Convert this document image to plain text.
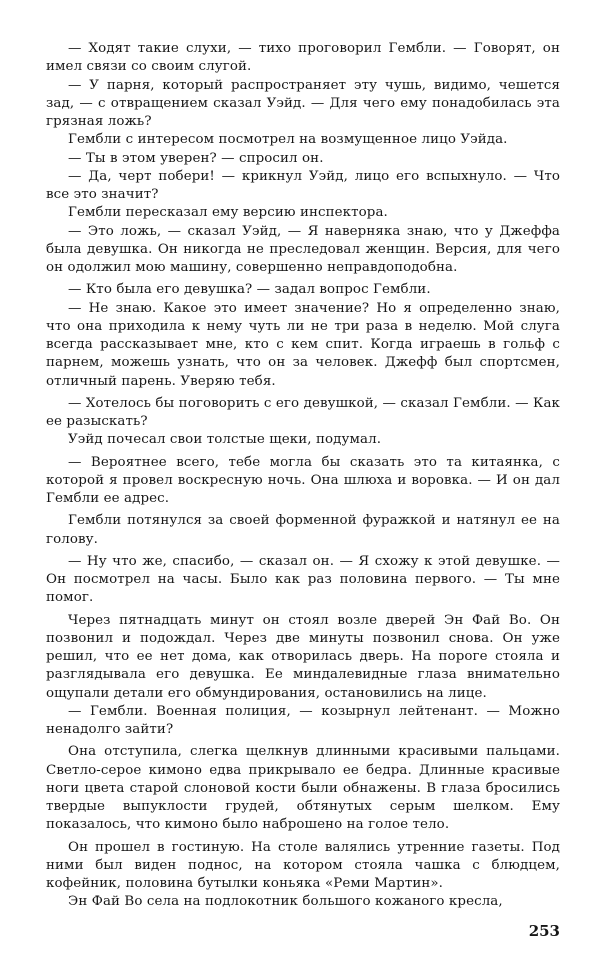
— Ходят такие слухи, — тихо проговорил Гембли. — Говорят, он имел связи со своим слугой.

— У парня, который распространяет эту чушь, видимо, чешется зад, — с отвращением сказал Уэйд. — Для чего ему понадобилась эта грязная ложь?

Гембли с интересом посмотрел на возмущенное лицо Уэйда.

— Ты в этом уверен? — спросил он.

— Да, черт побери! — крикнул Уэйд, лицо его вспыхнуло. — Что все это значит?

Гембли пересказал ему версию инспектора.

— Это ложь, — сказал Уэйд, — Я наверняка знаю, что у Джеффа была девушка. Он никогда не преследовал женщин. Версия, для чего он одолжил мою машину, совершенно неправдоподобна.

— Кто была его девушка? — задал вопрос Гембли.

— Не знаю. Какое это имеет значение? Но я определенно знаю, что она приходила к нему чуть ли не три раза в неделю. Мой слуга всегда рассказывает мне, кто с кем спит. Когда играешь в гольф с парнем, можешь узнать, что он за человек. Джефф был спортсмен, отличный парень. Уверяю тебя.

— Хотелось бы поговорить с его девушкой, — сказал Гембли. — Как ее разыскать?

Уэйд почесал свои толстые щеки, подумал.

— Вероятнее всего, тебе могла бы сказать это та китаянка, с которой я провел воскресную ночь. Она шлюха и воровка. — И он дал Гембли ее адрес.

Гембли потянулся за своей форменной фуражкой и натянул ее на голову.

— Ну что же, спасибо, — сказал он. — Я схожу к этой девушке. — Он посмотрел на часы. Было как раз половина первого. — Ты мне помог.

Через пятнадцать минут он стоял возле дверей Эн Фай Во. Он позвонил и подождал. Через две минуты позвонил снова. Он уже решил, что ее нет дома, как отворилась дверь. На пороге стояла и разглядывала его девушка. Ее миндалевидные глаза внимательно ощупали детали его обмундирования, остановились на лице.

— Гембли. Военная полиция, — козырнул лейтенант. — Можно ненадолго зайти?

Она отступила, слегка щелкнув длинными красивыми пальцами. Светло-серое кимоно едва прикрывало ее бедра. Длинные красивые ноги цвета старой слоновой кости были обнажены. В глаза бросились твердые выпуклости грудей, обтянутых серым шелком. Ему показалось, что кимоно было наброшено на голое тело.

Он прошел в гостиную. На столе валялись утренние газеты. Под ними был виден поднос, на котором стояла чашка с блюдцем, кофейник, половина бутылки коньяка «Реми Мартин».

Эн Фай Во села на подлокотник большого кожаного кресла,

253
